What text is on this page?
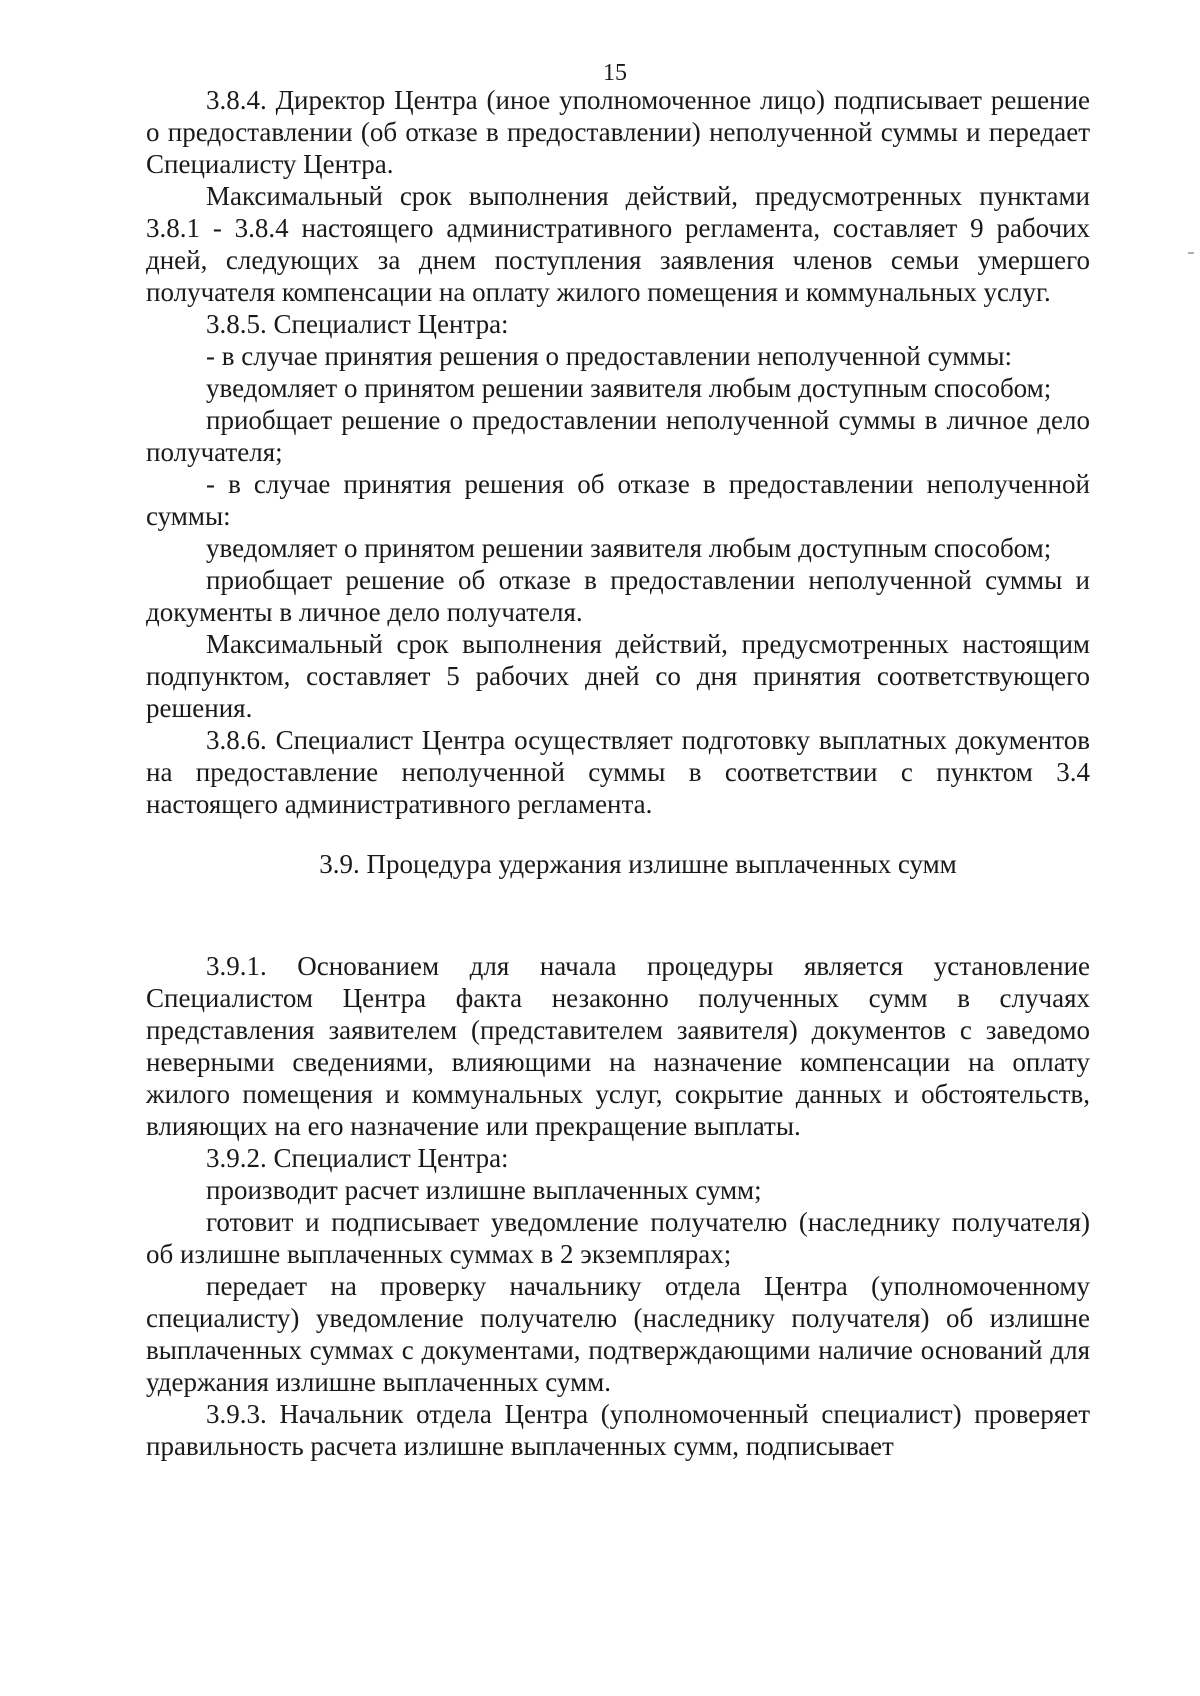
15

3.8.4. Директор Центра (иное уполномоченное лицо) подписывает решение о предоставлении (об отказе в предоставлении) неполученной суммы и передает Специалисту Центра.

Максимальный срок выполнения действий, предусмотренных пунктами 3.8.1 - 3.8.4 настоящего административного регламента, составляет 9 рабочих дней, следующих за днем поступления заявления членов семьи умершего получателя компенсации на оплату жилого помещения и коммунальных услуг.

3.8.5. Специалист Центра:

- в случае принятия решения о предоставлении неполученной суммы:

уведомляет о принятом решении заявителя любым доступным способом;

приобщает решение о предоставлении неполученной суммы в личное дело получателя;

- в случае принятия решения об отказе в предоставлении неполученной суммы:

уведомляет о принятом решении заявителя любым доступным способом;

приобщает решение об отказе в предоставлении неполученной суммы и документы в личное дело получателя.

Максимальный срок выполнения действий, предусмотренных настоящим подпунктом, составляет 5 рабочих дней со дня принятия соответствующего решения.

3.8.6. Специалист Центра осуществляет подготовку выплатных документов на предоставление неполученной суммы в соответствии с пунктом 3.4 настоящего административного регламента.

3.9. Процедура удержания излишне выплаченных сумм

3.9.1. Основанием для начала процедуры является установление Специалистом Центра факта незаконно полученных сумм в случаях представления заявителем (представителем заявителя) документов с заведомо неверными сведениями, влияющими на назначение компенсации на оплату жилого помещения и коммунальных услуг, сокрытие данных и обстоятельств, влияющих на его назначение или прекращение выплаты.

3.9.2. Специалист Центра:

производит расчет излишне выплаченных сумм;

готовит и подписывает уведомление получателю (наследнику получателя) об излишне выплаченных суммах в 2 экземплярах;

передает на проверку начальнику отдела Центра (уполномоченному специалисту) уведомление получателю (наследнику получателя) об излишне выплаченных суммах с документами, подтверждающими наличие оснований для удержания излишне выплаченных сумм.

3.9.3. Начальник отдела Центра (уполномоченный специалист) проверяет правильность расчета излишне выплаченных сумм, подписывает
